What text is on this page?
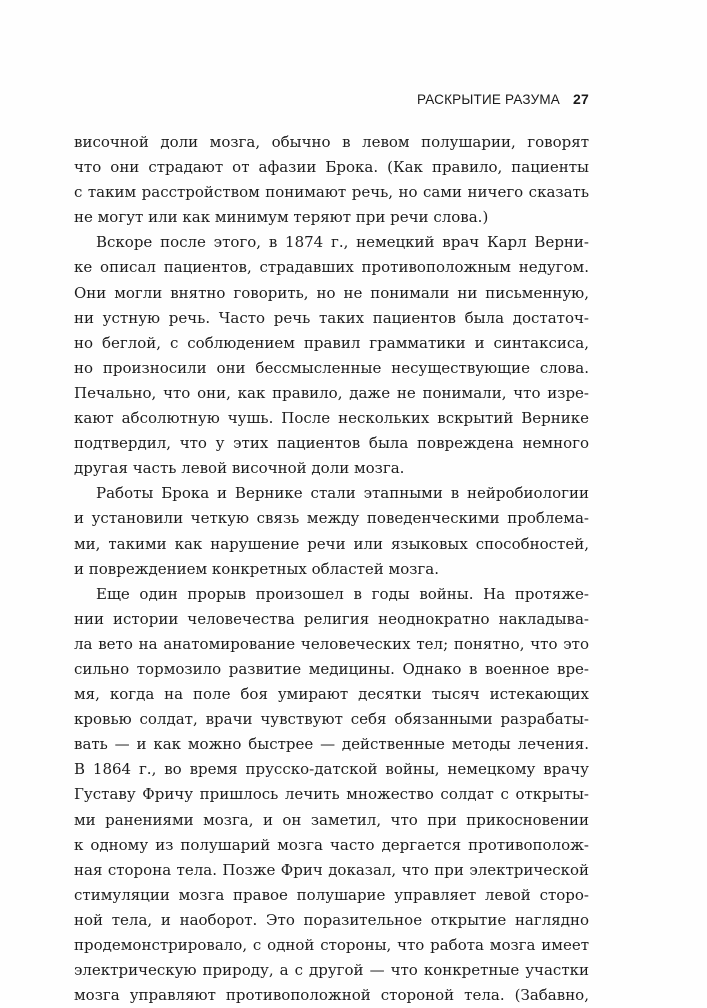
РАСКРЫТИЕ РАЗУМА 27
височной доли мозга, обычно в левом полушарии, говорят
что они страдают от афазии Брока. (Как правило, пациенты
с таким расстройством понимают речь, но сами ничего сказать
не могут или как минимум теряют при речи слова.)
Вскоре после этого, в 1874 г., немецкий врач Карл Верни-
ке описал пациентов, страдавших противоположным недугом.
Они могли внятно говорить, но не понимали ни письменную,
ни устную речь. Часто речь таких пациентов была достаточ-
но беглой, с соблюдением правил грамматики и синтаксиса,
но произносили они бессмысленные несуществующие слова.
Печально, что они, как правило, даже не понимали, что изре-
кают абсолютную чушь. После нескольких вскрытий Вернике
подтвердил, что у этих пациентов была повреждена немного
другая часть левой височной доли мозга.
Работы Брока и Вернике стали этапными в нейробиологии
и установили четкую связь между поведенческими проблема-
ми, такими как нарушение речи или языковых способностей,
и повреждением конкретных областей мозга.
Еще один прорыв произошел в годы войны. На протяже-
нии истории человечества религия неоднократно накладыва-
ла вето на анатомирование человеческих тел; понятно, что это
сильно тормозило развитие медицины. Однако в военное вре-
мя, когда на поле боя умирают десятки тысяч истекающих
кровью солдат, врачи чувствуют себя обязанными разрабаты-
вать — и как можно быстрее — действенные методы лечения.
В 1864 г., во время прусско-датской войны, немецкому врачу
Густаву Фричу пришлось лечить множество солдат с открыты-
ми ранениями мозга, и он заметил, что при прикосновении
к одному из полушарий мозга часто дергается противополож-
ная сторона тела. Позже Фрич доказал, что при электрической
стимуляции мозга правое полушарие управляет левой сторо-
ной тела, и наоборот. Это поразительное открытие наглядно
продемонстрировало, с одной стороны, что работа мозга имеет
электрическую природу, а с другой — что конкретные участки
мозга управляют противоположной стороной тела. (Забавно,
